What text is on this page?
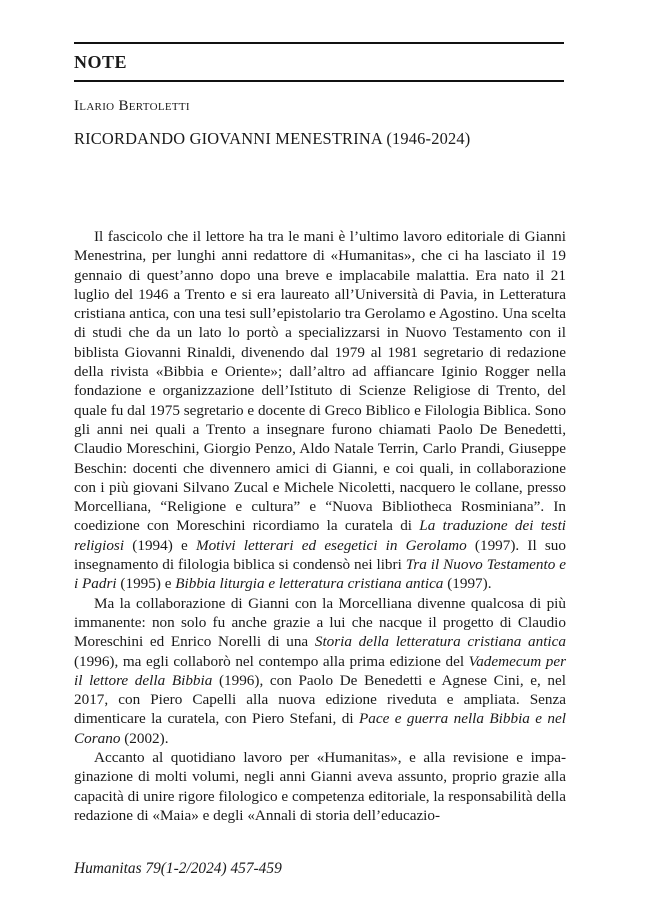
NOTE
Ilario Bertoletti
RICORDANDO GIOVANNI MENESTRINA (1946-2024)

Il fascicolo che il lettore ha tra le mani è l’ultimo lavoro editoriale di Gianni Menestrina, per lunghi anni redattore di «Humanitas», che ci ha lasciato il 19 gennaio di quest’anno dopo una breve e implacabile malattia. Era nato il 21 luglio del 1946 a Trento e si era laureato all’Università di Pavia, in Letteratura cristiana antica, con una tesi sull’epistolario tra Gerolamo e Agostino. Una scelta di studi che da un lato lo portò a specializzarsi in Nuovo Testamento con il biblista Giovanni Rinaldi, divenendo dal 1979 al 1981 segretario di redazione della rivista «Bibbia e Oriente»; dall’altro ad affiancare Iginio Rogger nella fondazione e organizzazione dell’Istituto di Scienze Religiose di Trento, del quale fu dal 1975 segretario e docente di Greco Biblico e Filologia Biblica. Sono gli anni nei quali a Trento a insegnare furono chiamati Paolo De Benedetti, Claudio Moreschini, Giorgio Penzo, Aldo Natale Terrin, Carlo Prandi, Giuseppe Beschin: docenti che divennero amici di Gianni, e coi quali, in collaborazione con i più giovani Silvano Zucal e Michele Nicoletti, nacquero le collane, presso Morcelliana, “Religione e cultura” e “Nuova Bibliotheca Rosminiana”. In coedizione con Moreschini ricordiamo la curatela di La traduzione dei testi religiosi (1994) e Motivi letterari ed esegetici in Gerolamo (1997). Il suo insegnamento di filologia biblica si condensò nei libri Tra il Nuovo Testamento e i Padri (1995) e Bibbia liturgia e letteratura cristiana antica (1997).

Ma la collaborazione di Gianni con la Morcelliana divenne qualcosa di più immanente: non solo fu anche grazie a lui che nacque il progetto di Claudio Moreschini ed Enrico Norelli di una Storia della letteratura cristiana antica (1996), ma egli collaborò nel contempo alla prima edizione del Vademecum per il lettore della Bibbia (1996), con Paolo De Benedetti e Agnese Cini, e, nel 2017, con Piero Capelli alla nuova edizione riveduta e ampliata. Senza dimenticare la curatela, con Piero Stefani, di Pace e guerra nella Bibbia e nel Corano (2002).

Accanto al quotidiano lavoro per «Humanitas», e alla revisione e impaginazione di molti volumi, negli anni Gianni aveva assunto, proprio grazie alla capacità di unire rigore filologico e competenza editoriale, la responsabilità della redazione di «Maia» e degli «Annali di storia dell’educazio-

Humanitas 79(1-2/2024) 457-459
